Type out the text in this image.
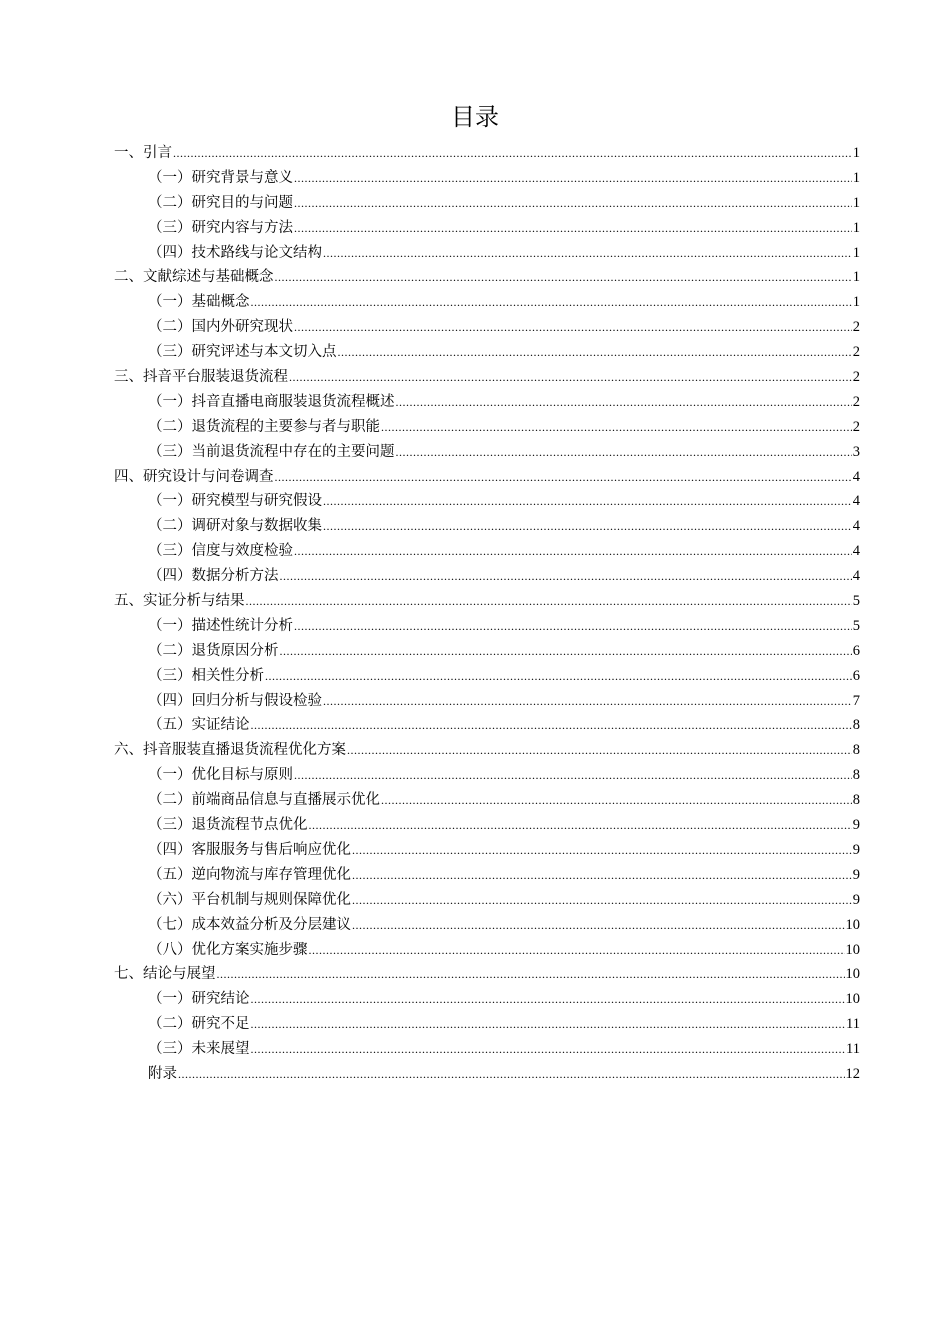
目录
一、引言 .....	1
（一）研究背景与意义 .....	1
（二）研究目的与问题 .....	1
（三）研究内容与方法 .....	1
（四）技术路线与论文结构 .....	1
二、文献综述与基础概念 .....	1
（一）基础概念 .....	1
（二）国内外研究现状 .....	2
（三）研究评述与本文切入点 .....	2
三、抖音平台服装退货流程 .....	2
（一）抖音直播电商服装退货流程概述 .....	2
（二）退货流程的主要参与者与职能 .....	2
（三）当前退货流程中存在的主要问题 .....	3
四、研究设计与问卷调查 .....	4
（一）研究模型与研究假设 .....	4
（二）调研对象与数据收集 .....	4
（三）信度与效度检验 .....	4
（四）数据分析方法 .....	4
五、实证分析与结果 .....	5
（一）描述性统计分析 .....	5
（二）退货原因分析 .....	6
（三）相关性分析 .....	6
（四）回归分析与假设检验 .....	7
（五）实证结论 .....	8
六、抖音服装直播退货流程优化方案 .....	8
（一）优化目标与原则 .....	8
（二）前端商品信息与直播展示优化 .....	8
（三）退货流程节点优化 .....	9
（四）客服服务与售后响应优化 .....	9
（五）逆向物流与库存管理优化 .....	9
（六）平台机制与规则保障优化 .....	9
（七）成本效益分析及分层建议 .....	10
（八）优化方案实施步骤 .....	10
七、结论与展望 .....	10
（一）研究结论 .....	10
（二）研究不足 .....	11
（三）未来展望 .....	11
附录 .....	12
